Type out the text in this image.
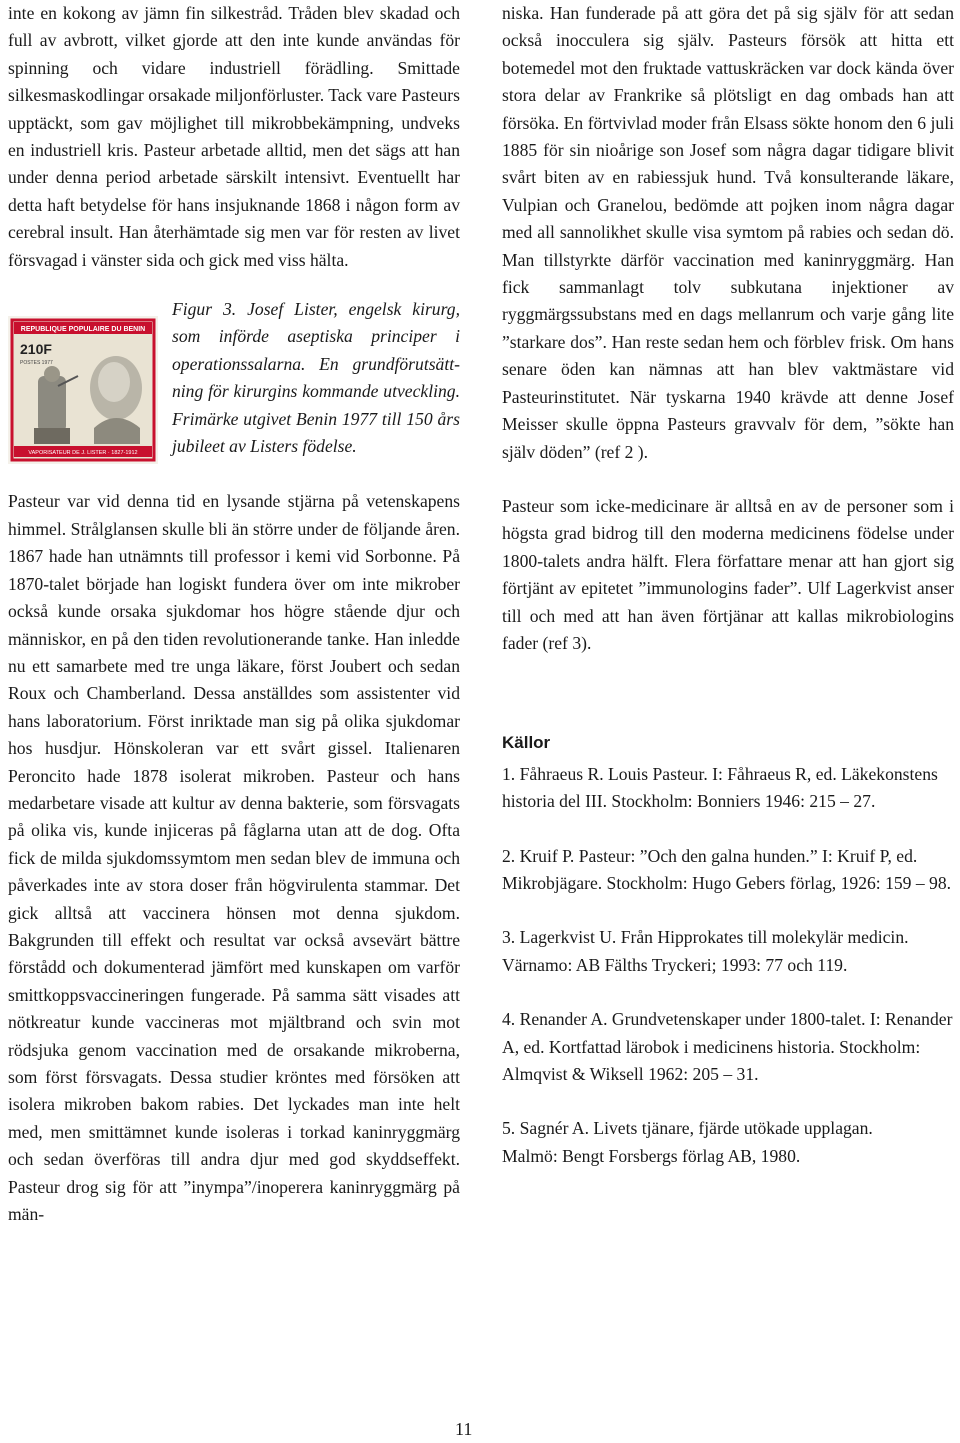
inte en kokong av jämn fin silkestråd. Tråden blev skadad och full av avbrott, vilket gjorde att den inte kunde användas för spinning och vidare industriell förädling. Smittade silkesmaskodlingar orsakade miljonförluster. Tack vare Pasteurs upptäckt, som gav möjlighet till mikrobbekämpning, undveks en industriell kris. Pasteur arbetade alltid, men det sägs att han under denna period arbetade särskilt intensivt. Eventuellt har detta haft betydelse för hans insjuknande 1868 i någon form av cerebral insult. Han återhämtade sig men var för resten av livet försvagad i vänster sida och gick med viss hälta.

REPUBLIQUE POPULAIRE DU BENIN
210F
POSTES 1977
VAPORISATEUR DE J. LISTER · 1827-1912

Figur 3. Josef Lister, engelsk kirurg, som införde aseptiska principer i operationssalarna. En grundförutsättning för kirurgins kommande utveckling. Frimärke utgivet Benin 1977 till 150 års jubileet av Listers födelse.

Pasteur var vid denna tid en lysande stjärna på vetenskapens himmel. Strålglansen skulle bli än större under de följande åren. 1867 hade han utnämnts till professor i kemi vid Sorbonne. På 1870-talet började han logiskt fundera över om inte mikrober också kunde orsaka sjukdomar hos högre stående djur och människor, en på den tiden revolutionerande tanke. Han inledde nu ett samarbete med tre unga läkare, först Joubert och sedan Roux och Chamberland. Dessa anställdes som assistenter vid hans laboratorium. Först inriktade man sig på olika sjukdomar hos husdjur. Hönskoleran var ett svårt gissel. Italienaren Peroncito hade 1878 isolerat mikroben. Pasteur och hans medarbetare visade att kultur av denna bakterie, som försvagats på olika vis, kunde injiceras på fåglarna utan att de dog. Ofta fick de milda sjukdomssymtom men sedan blev de immuna och påverkades inte av stora doser från högvirulenta stammar. Det gick alltså att vaccinera hönsen mot denna sjukdom. Bakgrunden till effekt och resultat var också avsevärt bättre förstådd och dokumenterad jämfört med kunskapen om varför smittkoppsvaccineringen fungerade. På samma sätt visades att nötkreatur kunde vaccineras mot mjältbrand och svin mot rödsjuka genom vaccination med de orsakande mikroberna, som först försvagats. Dessa studier kröntes med försöken att isolera mikroben bakom rabies. Det lyckades man inte helt med, men smittämnet kunde isoleras i torkad kaninryggmärg och sedan överföras till andra djur med god skyddseffekt. Pasteur drog sig för att ”inympa”/inoperera kaninryggmärg på män-

niska. Han funderade på att göra det på sig själv för att sedan också inocculera sig själv. Pasteurs försök att hitta ett botemedel mot den fruktade vattuskräcken var dock kända över stora delar av Frankrike så plötsligt en dag ombads han att försöka. En förtvivlad moder från Elsass sökte honom den 6 juli 1885 för sin nioårige son Josef som några dagar tidigare blivit svårt biten av en rabiessjuk hund. Två konsulterande läkare, Vulpian och Granelou, bedömde att pojken inom några dagar med all sannolikhet skulle visa symtom på rabies och sedan dö. Man tillstyrkte därför vaccination med kaninryggmärg. Han fick sammanlagt tolv subkutana injektioner av ryggmärgssubstans med en dags mellanrum och varje gång lite ”starkare dos”. Han reste sedan hem och förblev frisk. Om hans senare öden kan nämnas att han blev vaktmästare vid Pasteurinstitutet. När tyskarna 1940 krävde att denne Josef Meisser skulle öppna Pasteurs gravvalv för dem, ”sökte han själv döden” (ref 2 ).

Pasteur som icke-medicinare är alltså en av de personer som i högsta grad bidrog till den moderna medicinens födelse under 1800-talets andra hälft. Flera författare menar att han gjort sig förtjänt av epitetet ”immunologins fader”. Ulf Lagerkvist anser till och med att han även förtjänar att kallas mikrobiologins fader (ref 3).

Källor

1. Fåhraeus R. Louis Pasteur. I: Fåhraeus R, ed. Läkekonstens historia del III. Stockholm: Bonniers 1946: 215 – 27.

2. Kruif P. Pasteur: ”Och den galna hunden.” I: Kruif P, ed. Mikrobjägare. Stockholm: Hugo Gebers förlag, 1926: 159 – 98.

3. Lagerkvist U. Från Hipprokates till molekylär medicin.

Värnamo: AB Fälths Tryckeri; 1993: 77 och 119.

4. Renander A. Grundvetenskaper under 1800-talet. I: Renander A, ed. Kortfattad lärobok i medicinens historia. Stockholm: Almqvist & Wiksell 1962: 205 – 31.

5. Sagnér A. Livets tjänare, fjärde utökade upplagan.

Malmö: Bengt Forsbergs förlag AB, 1980.

11
